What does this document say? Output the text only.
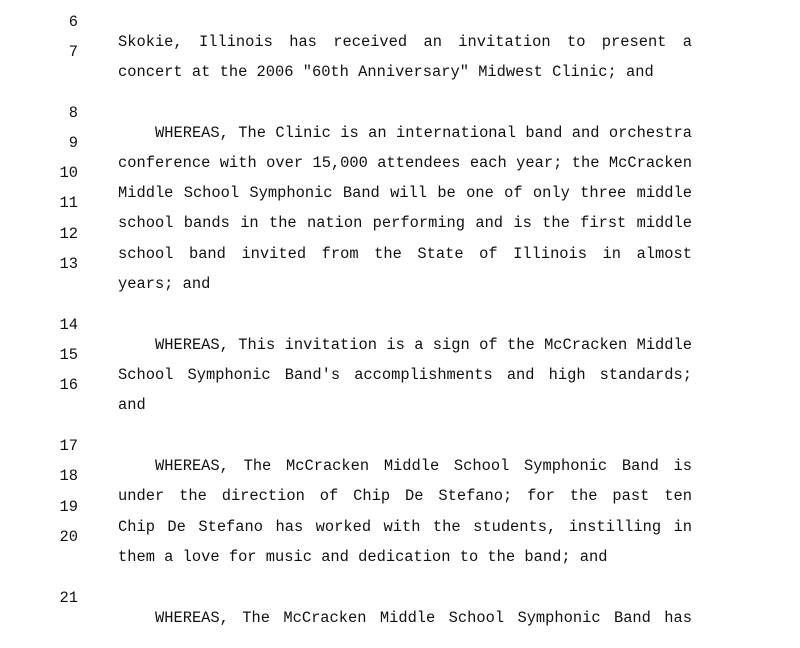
6

Skokie, Illinois has received an invitation to present a

7

concert at the 2006 "60th Anniversary" Midwest Clinic; and

8

WHEREAS, The Clinic is an international band and orchestra

9

conference with over 15,000 attendees each year; the McCracken

10

Middle School Symphonic Band will be one of only three middle

11

school bands in the nation performing and is the first middle

12

school band invited from the State of Illinois in almost

13

years; and

14

WHEREAS, This invitation is a sign of the McCracken Middle

15

School Symphonic Band's accomplishments and high standards;

16

and

17

WHEREAS, The McCracken Middle School Symphonic Band is

18

under the direction of Chip De Stefano; for the past ten

19

Chip De Stefano has worked with the students, instilling in

20

them a love for music and dedication to the band; and

21

WHEREAS, The McCracken Middle School Symphonic Band has
